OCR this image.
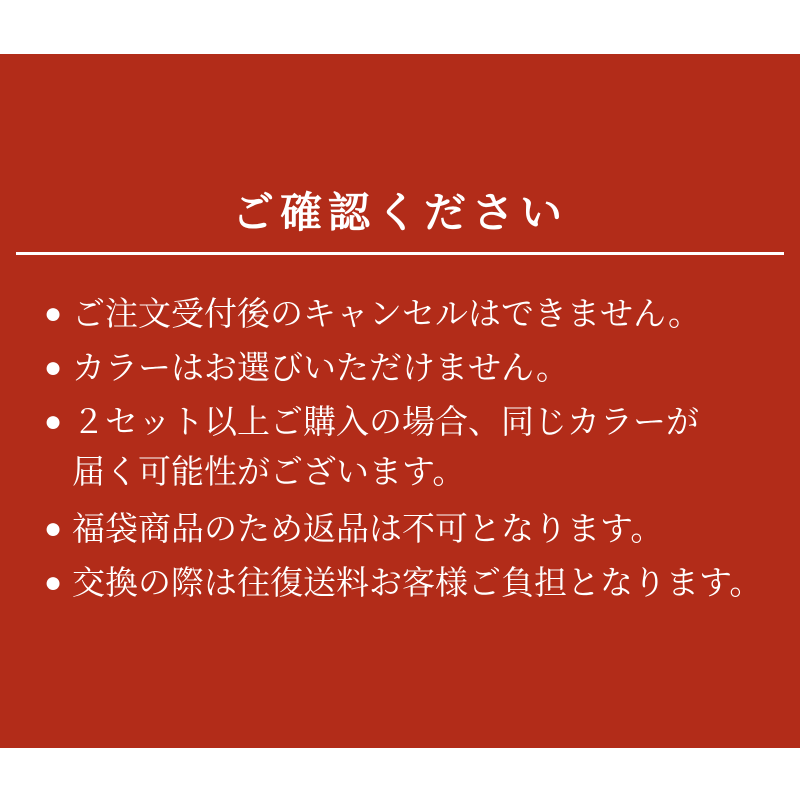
ご確認ください
● ご注文受付後のキャンセルはできません。
● カラーはお選びいただけません。
● ２セット以上ご購入の場合、同じカラーが
届く可能性がございます。
● 福袋商品のため返品は不可となります。
● 交換の際は往復送料お客様ご負担となります。
